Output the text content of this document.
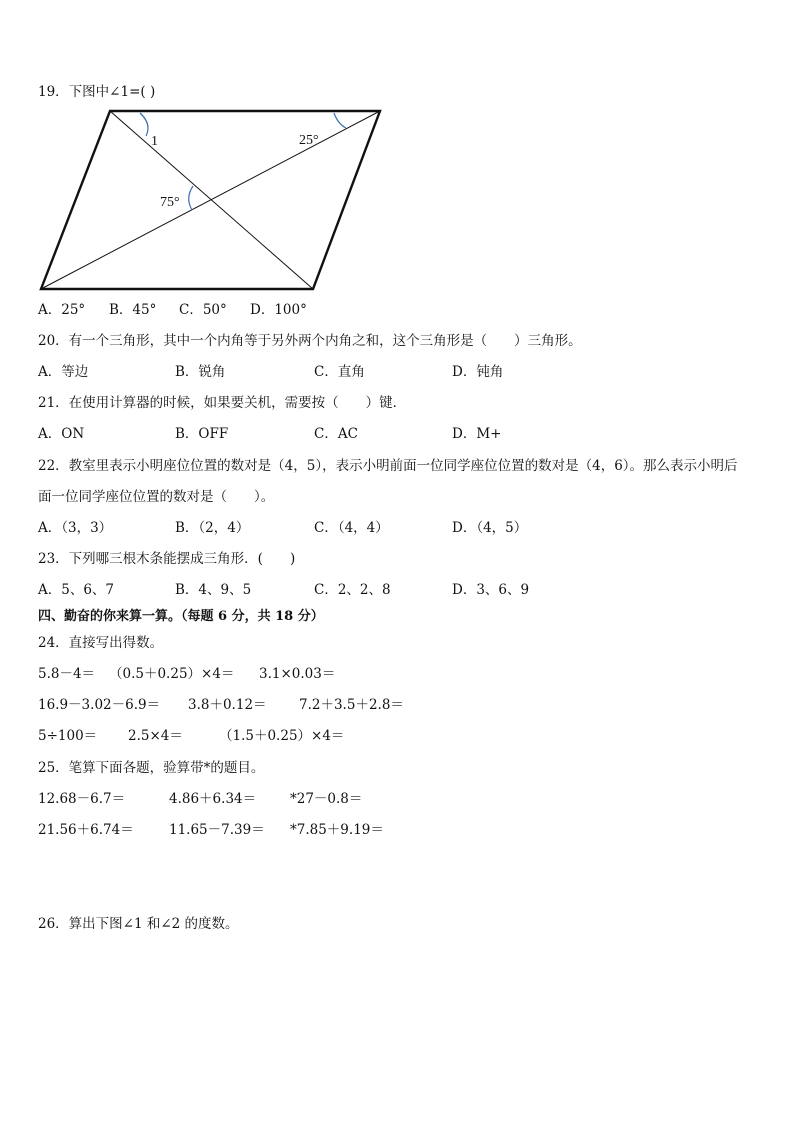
19．下图中∠1=( )
1	25°
75°
A．25° B．45° C．50° D．100°
20．有一个三角形，其中一个内角等于另外两个内角之和，这个三角形是（　　）三角形。
A．等边	B．锐角	C．直角	D．钝角
21．在使用计算器的时候，如果要关机，需要按（　　）键．
A．ON	B．OFF	C．AC	D．M+
22．教室里表示小明座位位置的数对是（4，5），表示小明前面一位同学座位位置的数对是（4，6）。那么表示小明后
面一位同学座位位置的数对是（　　）。
A．（3，3）	B．（2，4）	C．（4，4）	D．（4，5）
23．下列哪三根木条能摆成三角形．(　　)
A．5、6、7	B．4、9、5	C．2、2、8	D．3、6、9
四、勤奋的你来算一算。（每题 6 分，共 18 分）
24．直接写出得数。
5.8－4＝ （0.5＋0.25）×4＝ 3.1×0.03＝
16.9－3.02－6.9＝ 3.8＋0.12＝ 7.2＋3.5＋2.8＝
5÷100＝ 2.5×4＝	（1.5＋0.25）×4＝
25．笔算下面各题，验算带*的题目。
12.68－6.7＝	4.86＋6.34＝	*27－0.8＝
21.56＋6.74＝	11.65－7.39＝ *7.85＋9.19＝
26．算出下图∠1 和∠2 的度数。
